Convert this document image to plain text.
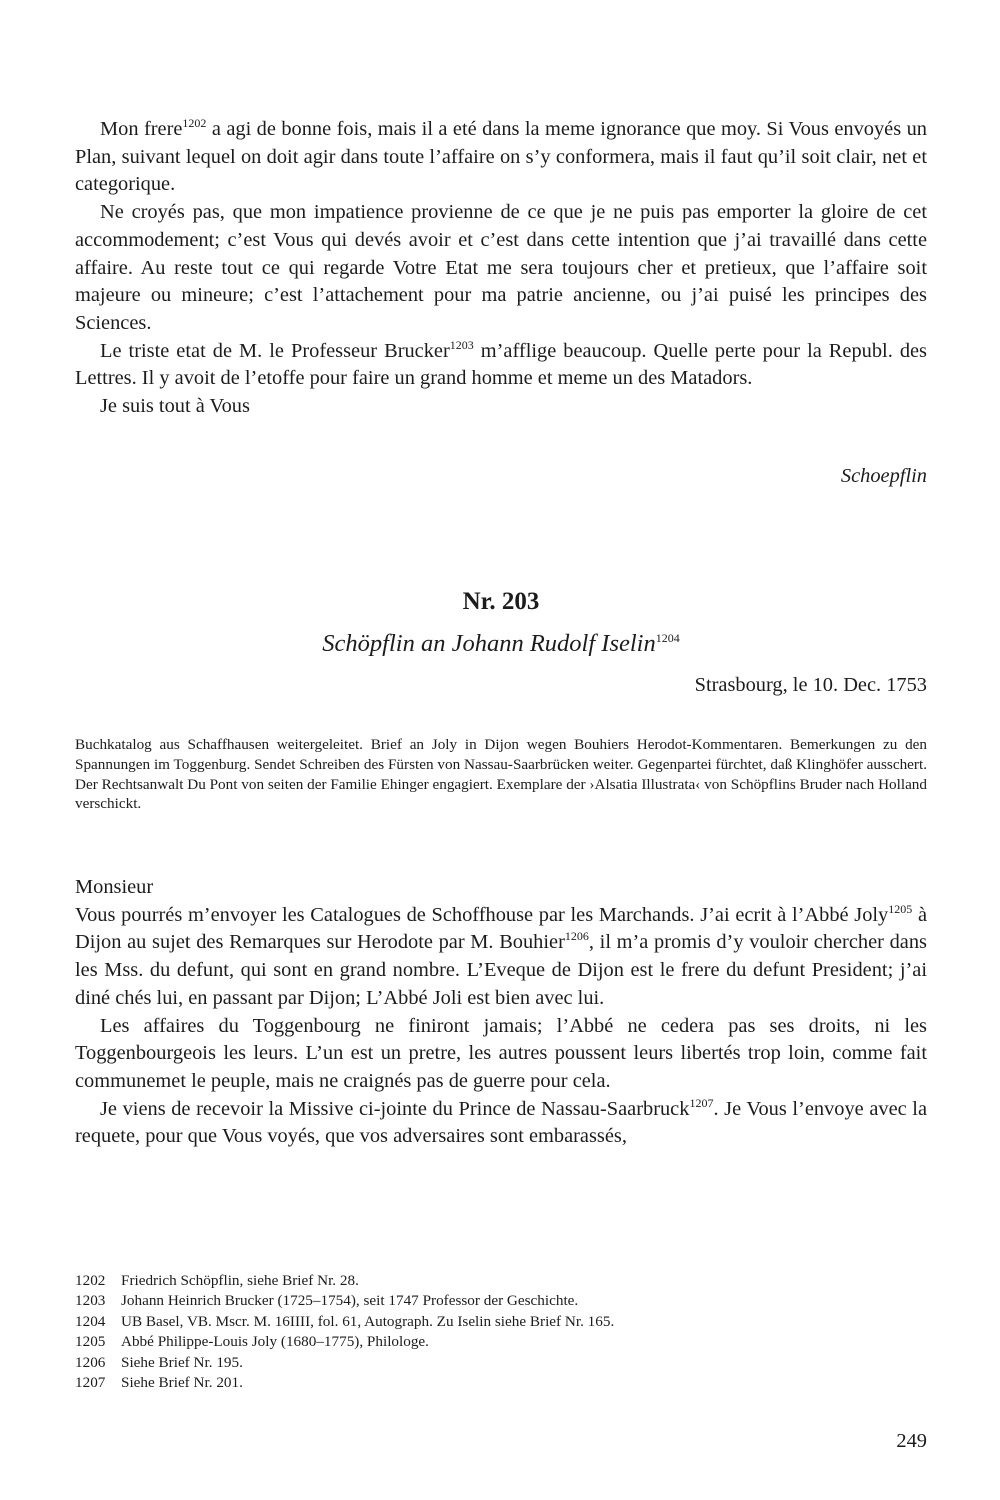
Mon frere$^{1202}$ a agi de bonne fois, mais il a eté dans la meme ignorance que moy. Si Vous envoyés un Plan, suivant lequel on doit agir dans toute l’affaire on s’y conformera, mais il faut qu’il soit clair, net et categorique.

Ne croyés pas, que mon impatience provienne de ce que je ne puis pas emporter la gloire de cet accommodement; c’est Vous qui devés avoir et c’est dans cette intention que j’ai travaillé dans cette affaire. Au reste tout ce qui regarde Votre Etat me sera toujours cher et pretieux, que l’affaire soit majeure ou mineure; c’est l’attachement pour ma patrie ancienne, ou j’ai puisé les principes des Sciences.

Le triste etat de M. le Professeur Brucker$^{1203}$ m’afflige beaucoup. Quelle perte pour la Republ. des Lettres. Il y avoit de l’etoffe pour faire un grand homme et meme un des Matadors.

Je suis tout à Vous

Schoepflin
Nr. 203
Schöpflin an Johann Rudolf Iselin$^{1204}$
Strasbourg, le 10. Dec. 1753

Buchkatalog aus Schaffhausen weitergeleitet. Brief an Joly in Dijon wegen Bouhiers Herodot-Kommentaren. Bemerkungen zu den Spannungen im Toggenburg. Sendet Schreiben des Fürsten von Nassau-Saarbrücken weiter. Gegenpartei fürchtet, daß Klinghöfer ausschert. Der Rechtsanwalt Du Pont von seiten der Familie Ehinger engagiert. Exemplare der ›Alsatia Illustrata‹ von Schöpflins Bruder nach Holland verschickt.

Monsieur

Vous pourrés m’envoyer les Catalogues de Schoffhouse par les Marchands. J’ai ecrit à l’Abbé Joly$^{1205}$ à Dijon au sujet des Remarques sur Herodote par M. Bouhier$^{1206}$, il m’a promis d’y vouloir chercher dans les Mss. du defunt, qui sont en grand nombre. L’Eveque de Dijon est le frere du defunt President; j’ai diné chés lui, en passant par Dijon; L’Abbé Joli est bien avec lui.

Les affaires du Toggenbourg ne finiront jamais; l’Abbé ne cedera pas ses droits, ni les Toggenbourgeois les leurs. L’un est un pretre, les autres poussent leurs libertés trop loin, comme fait communemet le peuple, mais ne craignés pas de guerre pour cela.

Je viens de recevoir la Missive ci-jointe du Prince de Nassau-Saarbruck$^{1207}$. Je Vous l’envoye avec la requete, pour que Vous voyés, que vos adversaires sont embarassés,

1202 Friedrich Schöpflin, siehe Brief Nr. 28.
1203 Johann Heinrich Brucker (1725–1754), seit 1747 Professor der Geschichte.
1204 UB Basel, VB. Mscr. M. 16IIII, fol. 61, Autograph. Zu Iselin siehe Brief Nr. 165.
1205 Abbé Philippe-Louis Joly (1680–1775), Philologe.
1206 Siehe Brief Nr. 195.
1207 Siehe Brief Nr. 201.
249
